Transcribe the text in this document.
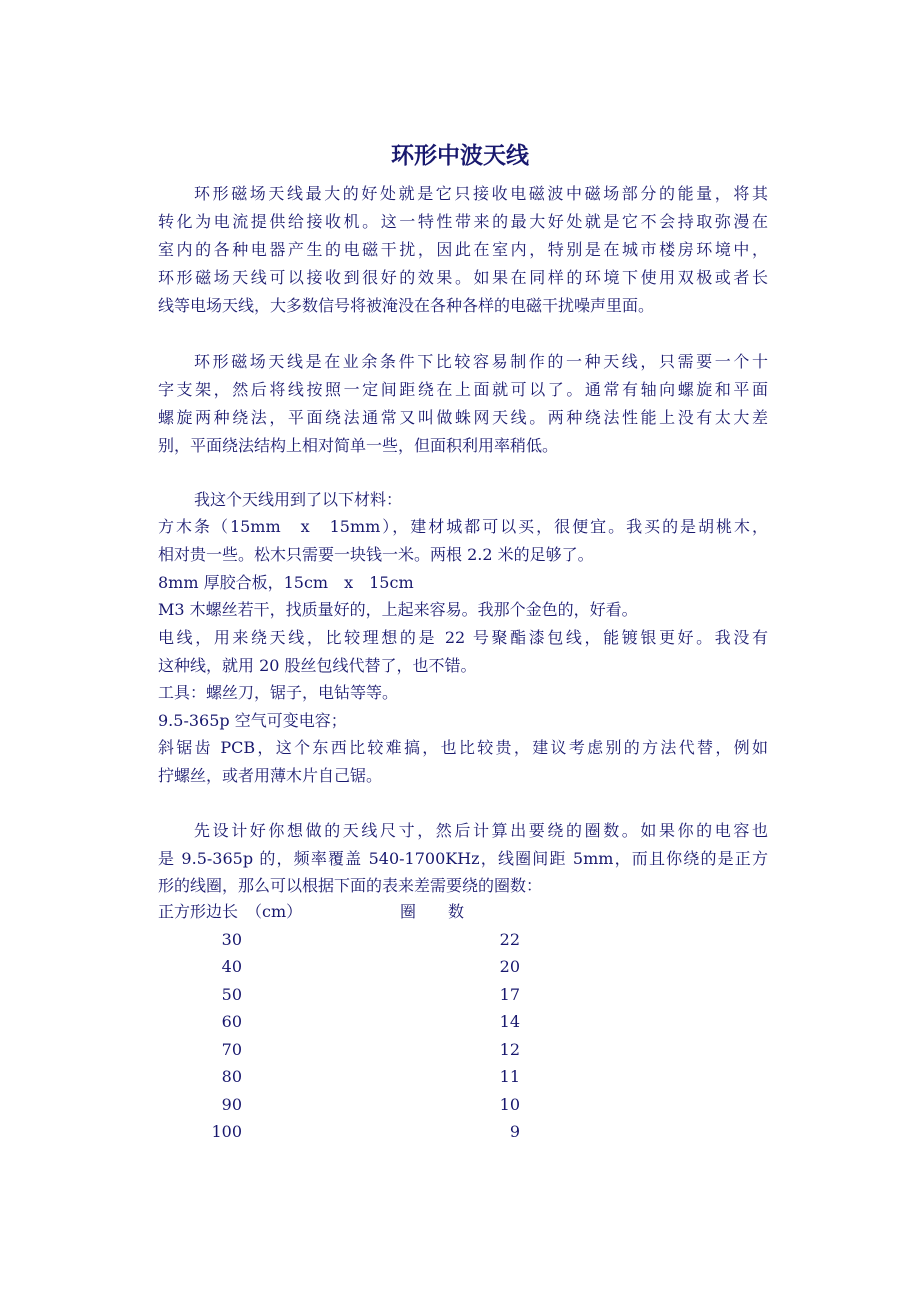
环形中波天线
环形磁场天线最大的好处就是它只接收电磁波中磁场部分的能量，将其
转化为电流提供给接收机。这一特性带来的最大好处就是它不会持取弥漫在
室内的各种电器产生的电磁干扰，因此在室内，特别是在城市楼房环境中，
环形磁场天线可以接收到很好的效果。如果在同样的环境下使用双极或者长
线等电场天线，大多数信号将被淹没在各种各样的电磁干扰噪声里面。
环形磁场天线是在业余条件下比较容易制作的一种天线，只需要一个十
字支架，然后将线按照一定间距绕在上面就可以了。通常有轴向螺旋和平面
螺旋两种绕法，平面绕法通常又叫做蛛网天线。两种绕法性能上没有太大差
别，平面绕法结构上相对简单一些，但面积利用率稍低。
我这个天线用到了以下材料：
方木条（15mm　x　15mm），建材城都可以买，很便宜。我买的是胡桃木，
相对贵一些。松木只需要一块钱一米。两根 2.2 米的足够了。
8mm 厚胶合板，15cm　x　15cm
M3 木螺丝若干，找质量好的，上起来容易。我那个金色的，好看。
电线，用来绕天线，比较理想的是 22 号聚酯漆包线，能镀银更好。我没有
这种线，就用 20 股丝包线代替了，也不错。
工具：螺丝刀，锯子，电钻等等。
9.5-365p 空气可变电容；
斜锯齿 PCB，这个东西比较难搞，也比较贵，建议考虑别的方法代替，例如
拧螺丝，或者用薄木片自己锯。
先设计好你想做的天线尺寸，然后计算出要绕的圈数。如果你的电容也
是 9.5-365p 的，频率覆盖 540-1700KHz，线圈间距 5mm，而且你绕的是正方
形的线圈，那么可以根据下面的表来差需要绕的圈数：
正方形边长　（cm）	圈　　数
30	22
40	20
50	17
60	14
70	12
80	11
90	10
100	9
